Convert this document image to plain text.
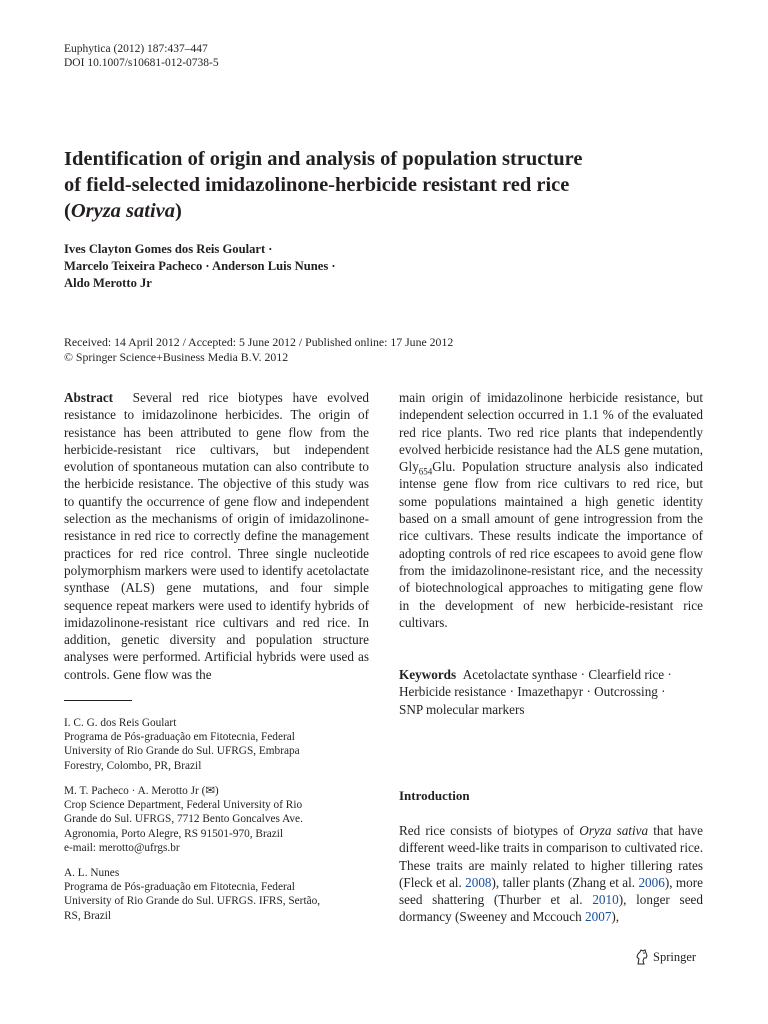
Euphytica (2012) 187:437–447
DOI 10.1007/s10681-012-0738-5
Identification of origin and analysis of population structure
of field-selected imidazolinone-herbicide resistant red rice
(Oryza sativa)
Ives Clayton Gomes dos Reis Goulart ·
Marcelo Teixeira Pacheco · Anderson Luis Nunes ·
Aldo Merotto Jr
Received: 14 April 2012 / Accepted: 5 June 2012 / Published online: 17 June 2012
© Springer Science+Business Media B.V. 2012

Abstract Several red rice biotypes have evolved resistance to imidazolinone herbicides. The origin of resistance has been attributed to gene flow from the herbicide-resistant rice cultivars, but independent evolution of spontaneous mutation can also contribute to the herbicide resistance. The objective of this study was to quantify the occurrence of gene flow and independent selection as the mechanisms of origin of imidazolinone-resistance in red rice to correctly define the management practices for red rice control. Three single nucleotide polymorphism markers were used to identify acetolactate synthase (ALS) gene mutations, and four simple sequence repeat markers were used to identify hybrids of imidazolinone-resistant rice cultivars and red rice. In addition, genetic diversity and population structure analyses were performed. Artificial hybrids were used as controls. Gene flow was the

main origin of imidazolinone herbicide resistance, but independent selection occurred in 1.1 % of the evaluated red rice plants. Two red rice plants that independently evolved herbicide resistance had the ALS gene mutation, Gly$_{654}$Glu. Population structure analysis also indicated intense gene flow from rice cultivars to red rice, but some populations maintained a high genetic identity based on a small amount of gene introgression from the rice cultivars. These results indicate the importance of adopting controls of red rice escapees to avoid gene flow from the imidazolinone-resistant rice, and the necessity of biotechnological approaches to mitigating gene flow in the development of new herbicide-resistant rice cultivars.

Keywords Acetolactate synthase · Clearfield rice ·
Herbicide resistance · Imazethapyr · Outcrossing ·
SNP molecular markers
I. C. G. dos Reis Goulart
Programa de Pós-graduação em Fitotecnia, Federal
University of Rio Grande do Sul. UFRGS, Embrapa
Forestry, Colombo, PR, Brazil
M. T. Pacheco · A. Merotto Jr (✉)
Crop Science Department, Federal University of Rio
Grande do Sul. UFRGS, 7712 Bento Goncalves Ave.
Agronomia, Porto Alegre, RS 91501-970, Brazil
e-mail: merotto@ufrgs.br
A. L. Nunes
Programa de Pós-graduação em Fitotecnia, Federal
University of Rio Grande do Sul. UFRGS. IFRS, Sertão,
RS, Brazil
Introduction

Red rice consists of biotypes of Oryza sativa that have different weed-like traits in comparison to cultivated rice. These traits are mainly related to higher tillering rates (Fleck et al. 2008), taller plants (Zhang et al. 2006), more seed shattering (Thurber et al. 2010), longer seed dormancy (Sweeney and Mccouch 2007),

Springer
